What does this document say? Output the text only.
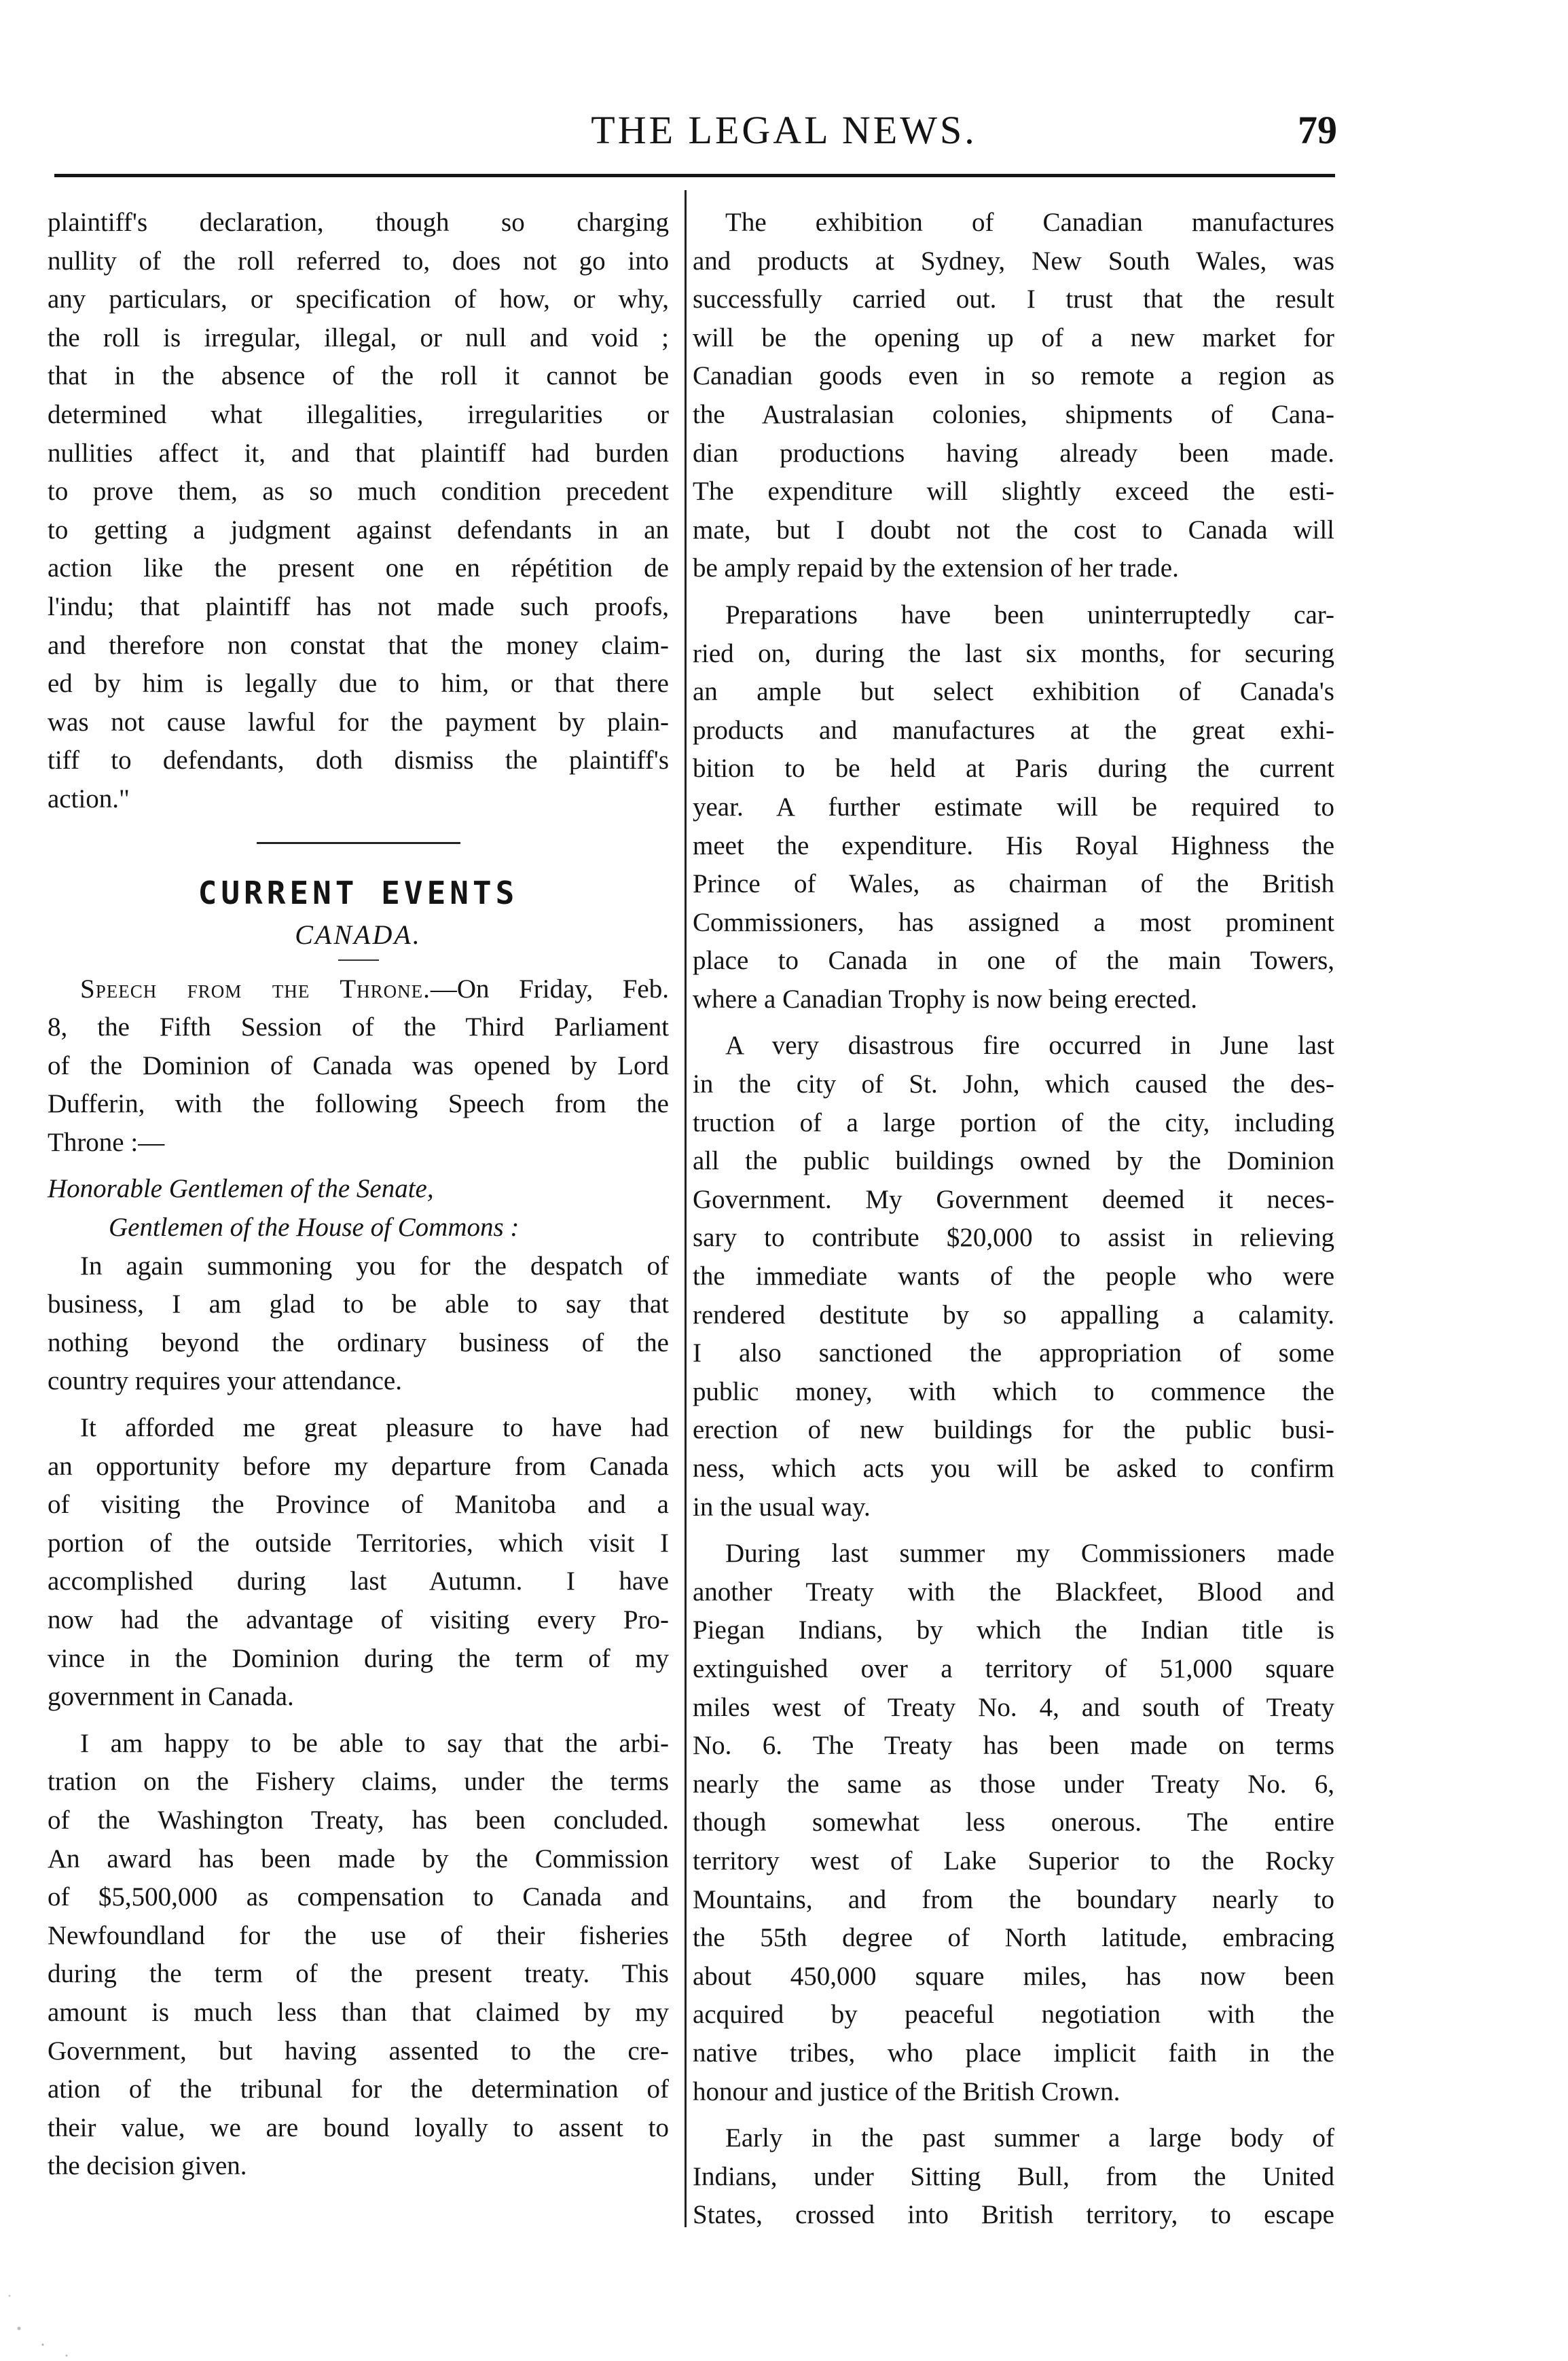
THE LEGAL NEWS.	79
plaintiff's declaration, though so charging
nullity of the roll referred to, does not go into
any particulars, or specification of how, or why,
the roll is irregular, illegal, or null and void ;
that in the absence of the roll it cannot be
determined what illegalities, irregularities or
nullities affect it, and that plaintiff had burden
to prove them, as so much condition precedent
to getting a judgment against defendants in an
action like the present one en répétition de
l'indu; that plaintiff has not made such proofs,
and therefore non constat that the money claim-
ed by him is legally due to him, or that there
was not cause lawful for the payment by plain-
tiff to defendants, doth dismiss the plaintiff's
action."
CURRENT EVENTS
CANADA.
Speech from the Throne.—On Friday, Feb.
8, the Fifth Session of the Third Parliament
of the Dominion of Canada was opened by Lord
Dufferin, with the following Speech from the
Throne :—
Honorable Gentlemen of the Senate,
Gentlemen of the House of Commons :
In again summoning you for the despatch of
business, I am glad to be able to say that
nothing beyond the ordinary business of the
country requires your attendance.
It afforded me great pleasure to have had
an opportunity before my departure from Canada
of visiting the Province of Manitoba and a
portion of the outside Territories, which visit I
accomplished during last Autumn. I have
now had the advantage of visiting every Pro-
vince in the Dominion during the term of my
government in Canada.
I am happy to be able to say that the arbi-
tration on the Fishery claims, under the terms
of the Washington Treaty, has been concluded.
An award has been made by the Commission
of $5,500,000 as compensation to Canada and
Newfoundland for the use of their fisheries
during the term of the present treaty. This
amount is much less than that claimed by my
Government, but having assented to the cre-
ation of the tribunal for the determination of
their value, we are bound loyally to assent to
the decision given.
The exhibition of Canadian manufactures
and products at Sydney, New South Wales, was
successfully carried out. I trust that the result
will be the opening up of a new market for
Canadian goods even in so remote a region as
the Australasian colonies, shipments of Cana-
dian productions having already been made.
The expenditure will slightly exceed the esti-
mate, but I doubt not the cost to Canada will
be amply repaid by the extension of her trade.
Preparations have been uninterruptedly car-
ried on, during the last six months, for securing
an ample but select exhibition of Canada's
products and manufactures at the great exhi-
bition to be held at Paris during the current
year. A further estimate will be required to
meet the expenditure. His Royal Highness the
Prince of Wales, as chairman of the British
Commissioners, has assigned a most prominent
place to Canada in one of the main Towers,
where a Canadian Trophy is now being erected.
A very disastrous fire occurred in June last
in the city of St. John, which caused the des-
truction of a large portion of the city, including
all the public buildings owned by the Dominion
Government. My Government deemed it neces-
sary to contribute $20,000 to assist in relieving
the immediate wants of the people who were
rendered destitute by so appalling a calamity.
I also sanctioned the appropriation of some
public money, with which to commence the
erection of new buildings for the public busi-
ness, which acts you will be asked to confirm
in the usual way.
During last summer my Commissioners made
another Treaty with the Blackfeet, Blood and
Piegan Indians, by which the Indian title is
extinguished over a territory of 51,000 square
miles west of Treaty No. 4, and south of Treaty
No. 6. The Treaty has been made on terms
nearly the same as those under Treaty No. 6,
though somewhat less onerous. The entire
territory west of Lake Superior to the Rocky
Mountains, and from the boundary nearly to
the 55th degree of North latitude, embracing
about 450,000 square miles, has now been
acquired by peaceful negotiation with the
native tribes, who place implicit faith in the
honour and justice of the British Crown.
Early in the past summer a large body of
Indians, under Sitting Bull, from the United
States, crossed into British territory, to escape
